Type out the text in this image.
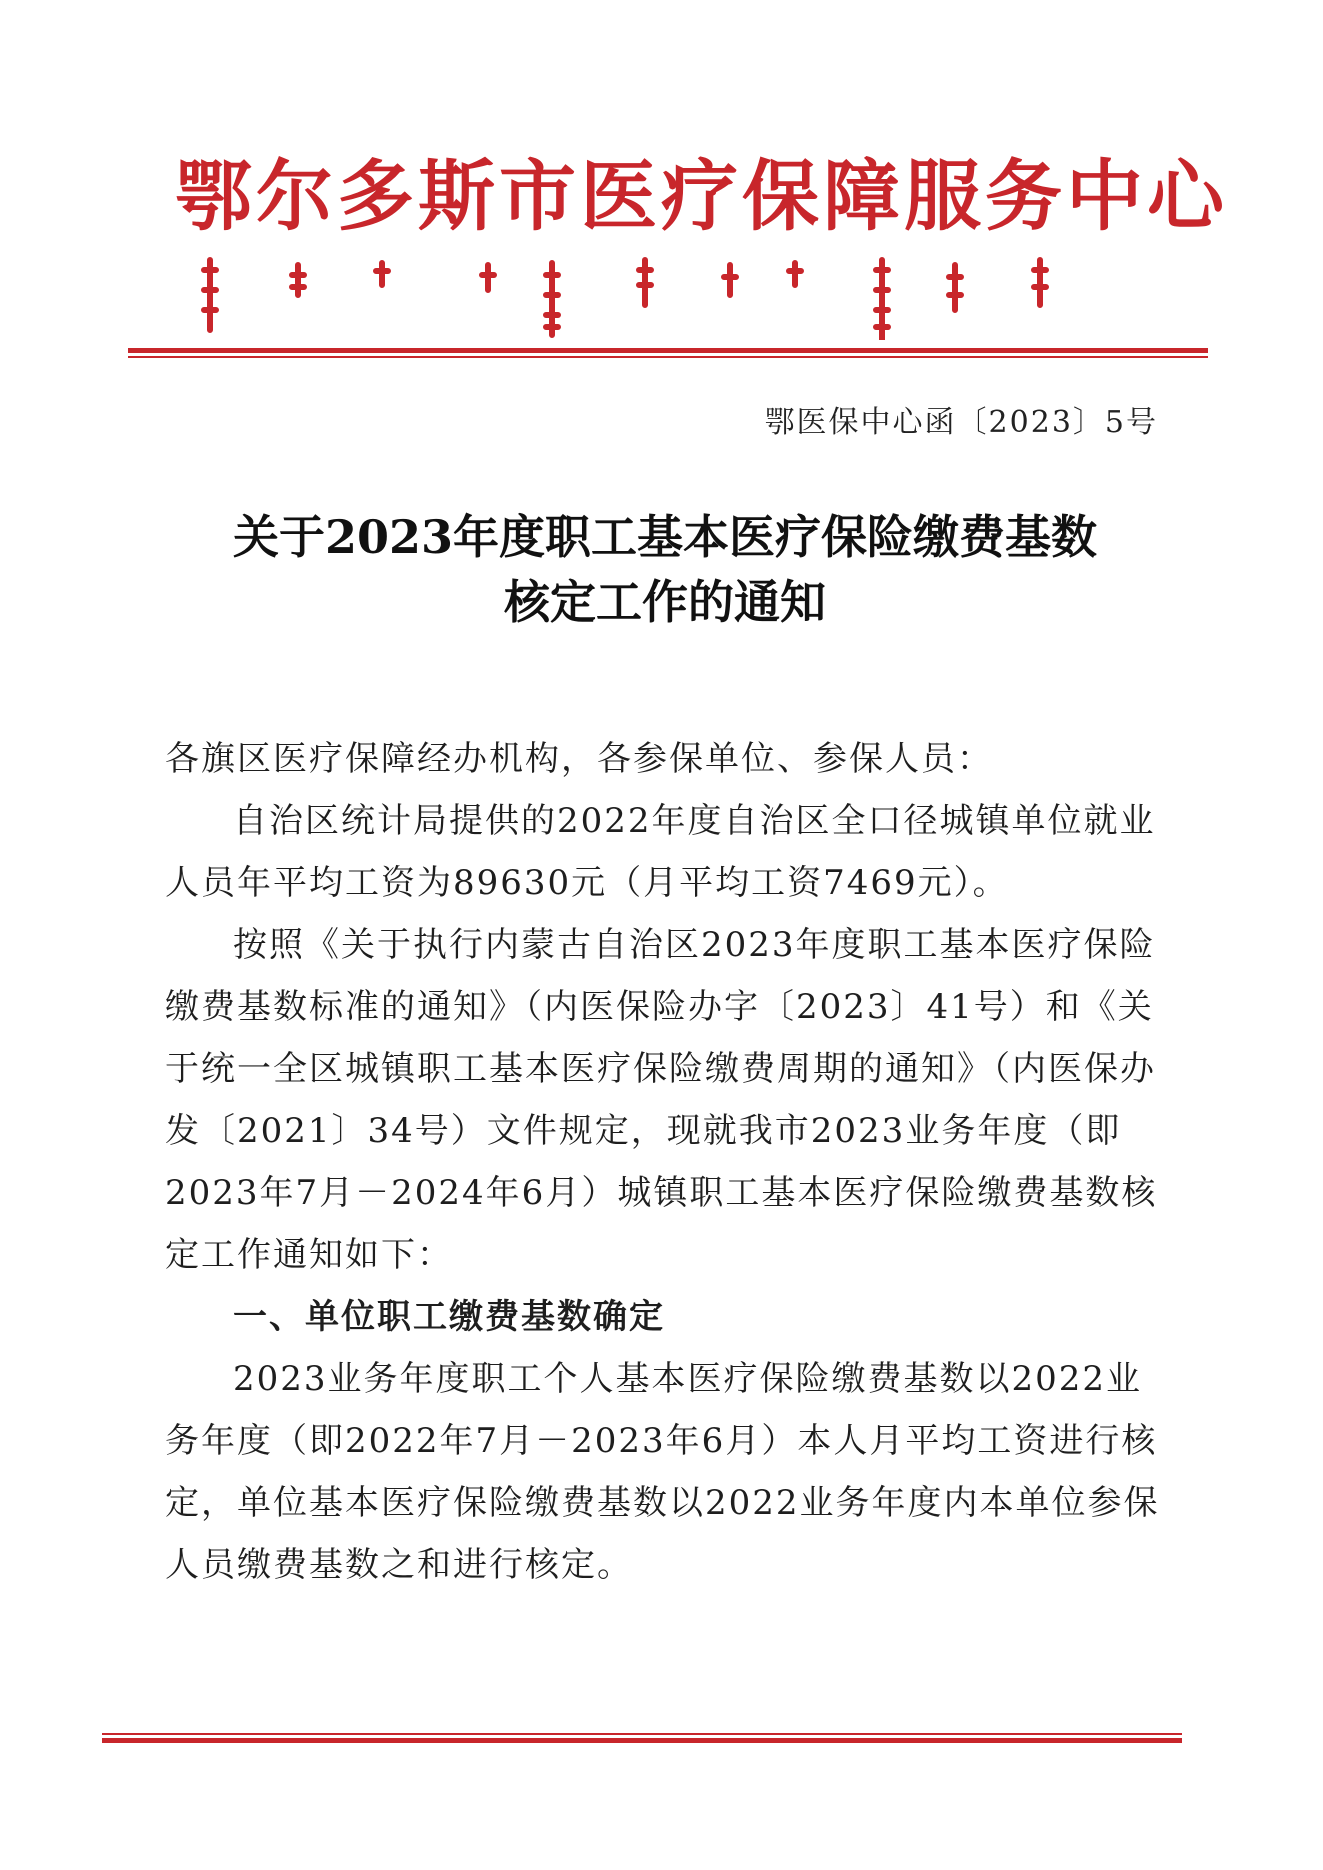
鄂尔多斯市医疗保障服务中心
鄂医保中心函〔2023〕5号
关于2023年度职工基本医疗保险缴费基数
核定工作的通知

各旗区医疗保障经办机构，各参保单位、参保人员：

自治区统计局提供的2022年度自治区全口径城镇单位就业人员年平均工资为89630元（月平均工资7469元）。

按照《关于执行内蒙古自治区2023年度职工基本医疗保险缴费基数标准的通知》（内医保险办字〔2023〕41号）和《关于统一全区城镇职工基本医疗保险缴费周期的通知》（内医保办发〔2021〕34号）文件规定，现就我市2023业务年度（即2023年7月－2024年6月）城镇职工基本医疗保险缴费基数核定工作通知如下：

一、单位职工缴费基数确定

2023业务年度职工个人基本医疗保险缴费基数以2022业务年度（即2022年7月－2023年6月）本人月平均工资进行核定，单位基本医疗保险缴费基数以2022业务年度内本单位参保人员缴费基数之和进行核定。
